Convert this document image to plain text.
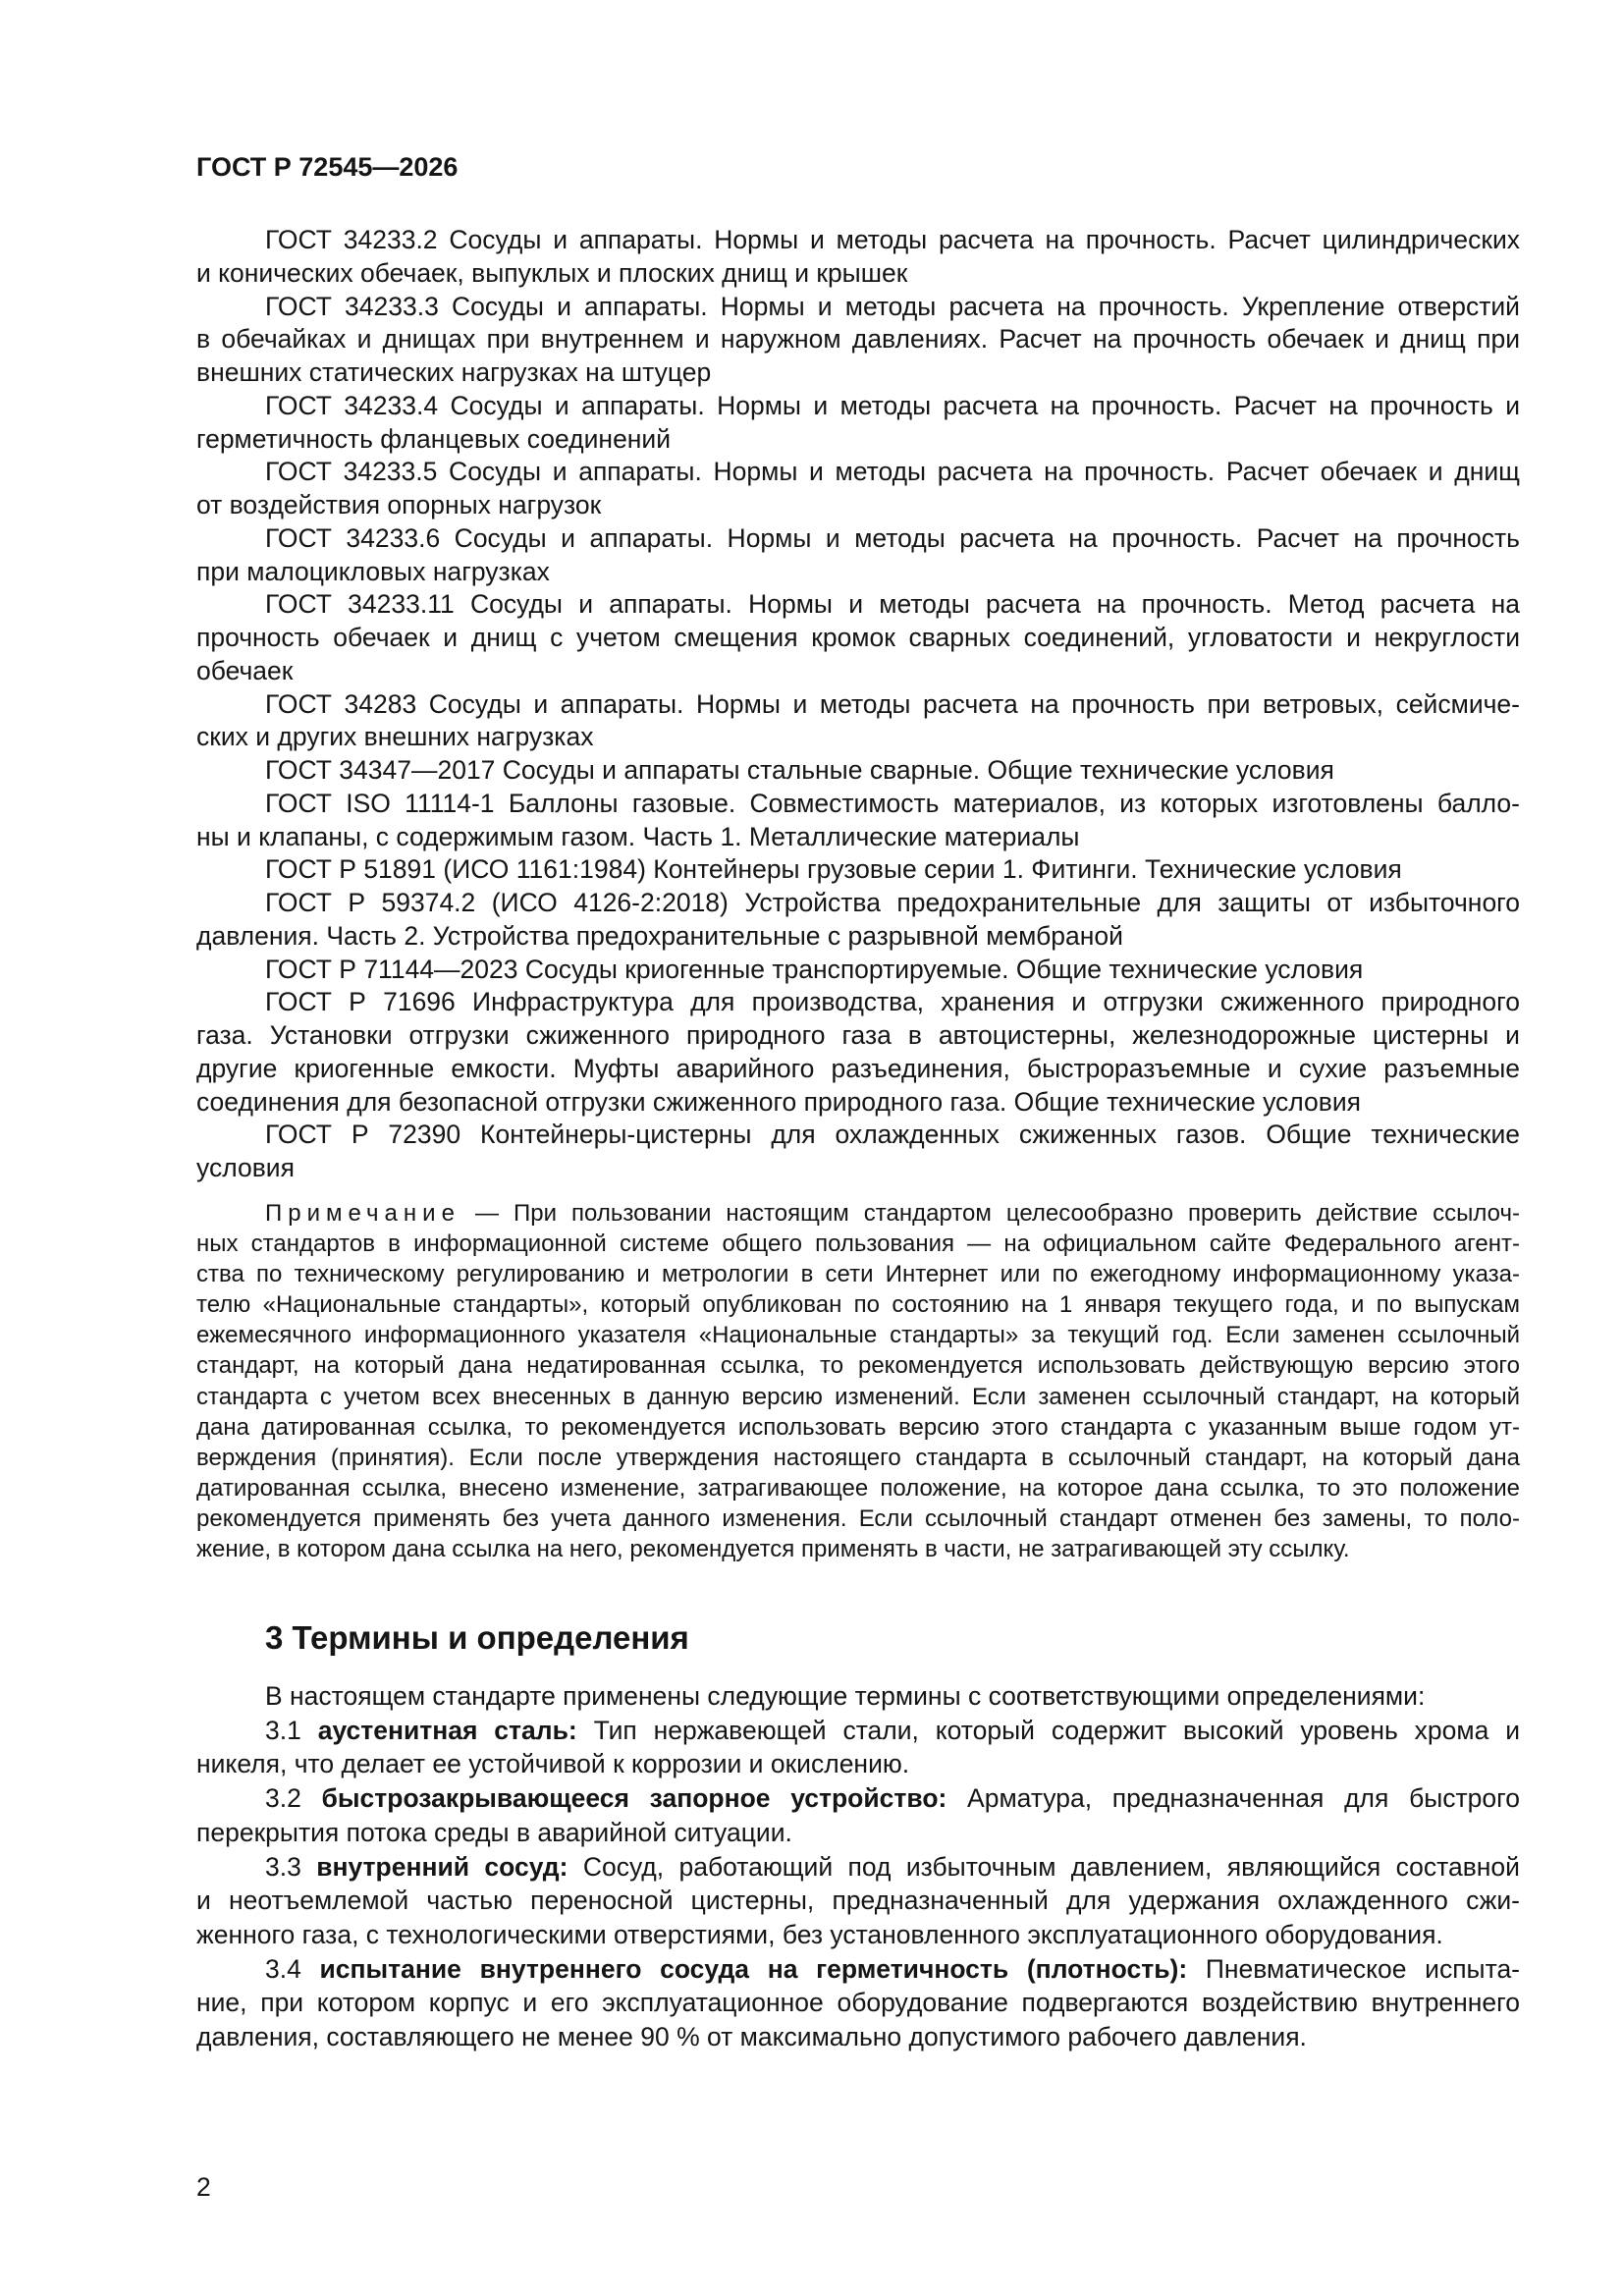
ГОСТ Р 72545—2026
ГОСТ 34233.2 Сосуды и аппараты. Нормы и методы расчета на прочность. Расчет цилиндрических
и конических обечаек, выпуклых и плоских днищ и крышек
ГОСТ 34233.3 Сосуды и аппараты. Нормы и методы расчета на прочность. Укрепление отверстий
в обечайках и днищах при внутреннем и наружном давлениях. Расчет на прочность обечаек и днищ при
внешних статических нагрузках на штуцер
ГОСТ 34233.4 Сосуды и аппараты. Нормы и методы расчета на прочность. Расчет на прочность и
герметичность фланцевых соединений
ГОСТ 34233.5 Сосуды и аппараты. Нормы и методы расчета на прочность. Расчет обечаек и днищ
от воздействия опорных нагрузок
ГОСТ 34233.6 Сосуды и аппараты. Нормы и методы расчета на прочность. Расчет на прочность
при малоцикловых нагрузках
ГОСТ 34233.11 Сосуды и аппараты. Нормы и методы расчета на прочность. Метод расчета на
прочность обечаек и днищ с учетом смещения кромок сварных соединений, угловатости и некруглости
обечаек
ГОСТ 34283 Сосуды и аппараты. Нормы и методы расчета на прочность при ветровых, сейсмиче-
ских и других внешних нагрузках
ГОСТ 34347—2017 Сосуды и аппараты стальные сварные. Общие технические условия
ГОСТ ISO 11114-1 Баллоны газовые. Совместимость материалов, из которых изготовлены балло-
ны и клапаны, с содержимым газом. Часть 1. Металлические материалы
ГОСТ Р 51891 (ИСО 1161:1984) Контейнеры грузовые серии 1. Фитинги. Технические условия
ГОСТ Р 59374.2 (ИСО 4126-2:2018) Устройства предохранительные для защиты от избыточного
давления. Часть 2. Устройства предохранительные с разрывной мембраной
ГОСТ Р 71144—2023 Сосуды криогенные транспортируемые. Общие технические условия
ГОСТ Р 71696 Инфраструктура для производства, хранения и отгрузки сжиженного природного
газа. Установки отгрузки сжиженного природного газа в автоцистерны, железнодорожные цистерны и
другие криогенные емкости. Муфты аварийного разъединения, быстроразъемные и сухие разъемные
соединения для безопасной отгрузки сжиженного природного газа. Общие технические условия
ГОСТ Р 72390 Контейнеры-цистерны для охлажденных сжиженных газов. Общие технические
условия
Примечание — При пользовании настоящим стандартом целесообразно проверить действие ссылоч-
ных стандартов в информационной системе общего пользования — на официальном сайте Федерального агент-
ства по техническому регулированию и метрологии в сети Интернет или по ежегодному информационному указа-
телю «Национальные стандарты», который опубликован по состоянию на 1 января текущего года, и по выпускам
ежемесячного информационного указателя «Национальные стандарты» за текущий год. Если заменен ссылочный
стандарт, на который дана недатированная ссылка, то рекомендуется использовать действующую версию этого
стандарта с учетом всех внесенных в данную версию изменений. Если заменен ссылочный стандарт, на который
дана датированная ссылка, то рекомендуется использовать версию этого стандарта с указанным выше годом ут-
верждения (принятия). Если после утверждения настоящего стандарта в ссылочный стандарт, на который дана
датированная ссылка, внесено изменение, затрагивающее положение, на которое дана ссылка, то это положение
рекомендуется применять без учета данного изменения. Если ссылочный стандарт отменен без замены, то поло-
жение, в котором дана ссылка на него, рекомендуется применять в части, не затрагивающей эту ссылку.
3 Термины и определения
В настоящем стандарте применены следующие термины с соответствующими определениями:
3.1 аустенитная сталь: Тип нержавеющей стали, который содержит высокий уровень хрома и
никеля, что делает ее устойчивой к коррозии и окислению.
3.2 быстрозакрывающееся запорное устройство: Арматура, предназначенная для быстрого
перекрытия потока среды в аварийной ситуации.
3.3 внутренний сосуд: Сосуд, работающий под избыточным давлением, являющийся составной
и неотъемлемой частью переносной цистерны, предназначенный для удержания охлажденного сжи-
женного газа, с технологическими отверстиями, без установленного эксплуатационного оборудования.
3.4 испытание внутреннего сосуда на герметичность (плотность): Пневматическое испыта-
ние, при котором корпус и его эксплуатационное оборудование подвергаются воздействию внутреннего
давления, составляющего не менее 90 % от максимально допустимого рабочего давления.
2
